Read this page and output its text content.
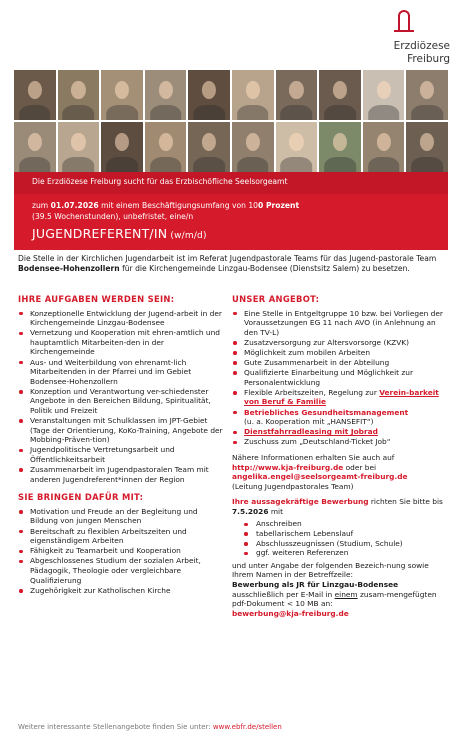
Erzdiözese
Freiburg
Die Erzdiözese Freiburg sucht für das Erzbischöfliche Seelsorgeamt
zum 01.07.2026 mit einem Beschäftigungsumfang von 100 Prozent
(39.5 Wochenstunden), unbefristet, eine/n
JUGENDREFERENT/IN (w/m/d)
Die Stelle in der Kirchlichen Jugendarbeit ist im Referat Jugendpastorale Teams für das Jugend-pastorale Team Bodensee-Hohenzollern für die Kirchengemeinde Linzgau-Bodensee (Dienstsitz Salem) zu besetzen.
IHRE AUFGABEN WERDEN SEIN:
Konzeptionelle Entwicklung der Jugend-arbeit in der Kirchengemeinde Linzgau-Bodensee
Vernetzung und Kooperation mit ehren-amtlich und hauptamtlich Mitarbeiten-den in der Kirchengemeinde
Aus- und Weiterbildung von ehrenamt-lich Mitarbeitenden in der Pfarrei und im Gebiet Bodensee-Hohenzollern
Konzeption und Verantwortung ver-schiedenster Angebote in den Bereichen Bildung, Spiritualität, Politik und Freizeit
Veranstaltungen mit Schulklassen im JPT-Gebiet (Tage der Orientierung, KoKo-Training, Angebote der Mobbing-Präven-tion)
Jugendpolitische Vertretungsarbeit und Öffentlichkeitsarbeit
Zusammenarbeit im Jugendpastoralen Team mit anderen Jugendreferent*innen der Region
SIE BRINGEN DAFÜR MIT:
Motivation und Freude an der Begleitung und Bildung von jungen Menschen
Bereitschaft zu flexiblen Arbeitszeiten und eigenständigem Arbeiten
Fähigkeit zu Teamarbeit und Kooperation
Abgeschlossenes Studium der sozialen Arbeit, Pädagogik, Theologie oder vergleichbare Qualifizierung
Zugehörigkeit zur Katholischen Kirche
UNSER ANGEBOT:
Eine Stelle in Entgeltgruppe 10 bzw. bei Vorliegen der Voraussetzungen EG 11 nach AVO (in Anlehnung an den TV-L)
Zusatzversorgung zur Altersvorsorge (KZVK)
Möglichkeit zum mobilen Arbeiten
Gute Zusammenarbeit in der Abteilung
Qualifizierte Einarbeitung und Möglichkeit zur Personalentwicklung
Flexible Arbeitszeiten, Regelung zur Verein-barkeit von Beruf & Familie
Betriebliches Gesundheitsmanagement
(u. a. Kooperation mit „HANSEFIT“)
Dienstfahrradleasing mit Jobrad
Zuschuss zum „Deutschland-Ticket Job“
Nähere Informationen erhalten Sie auch auf http://www.kja-freiburg.de oder bei
angelika.engel@seelsorgeamt-freiburg.de
(Leitung Jugendpastorales Team)
Ihre aussagekräftige Bewerbung richten Sie bitte bis 7.5.2026 mit
Anschreiben
tabellarischem Lebenslauf
Abschlusszeugnissen (Studium, Schule)
ggf. weiteren Referenzen
und unter Angabe der folgenden Bezeich-nung sowie Ihrem Namen in der Betreffzeile:
Bewerbung als JR für Linzgau-Bodensee
ausschließlich per E-Mail in einem zusam-mengefügten pdf-Dokument < 10 MB an:
bewerbung@kja-freiburg.de
Weitere interessante Stellenangebote finden Sie unter: www.ebfr.de/stellen
